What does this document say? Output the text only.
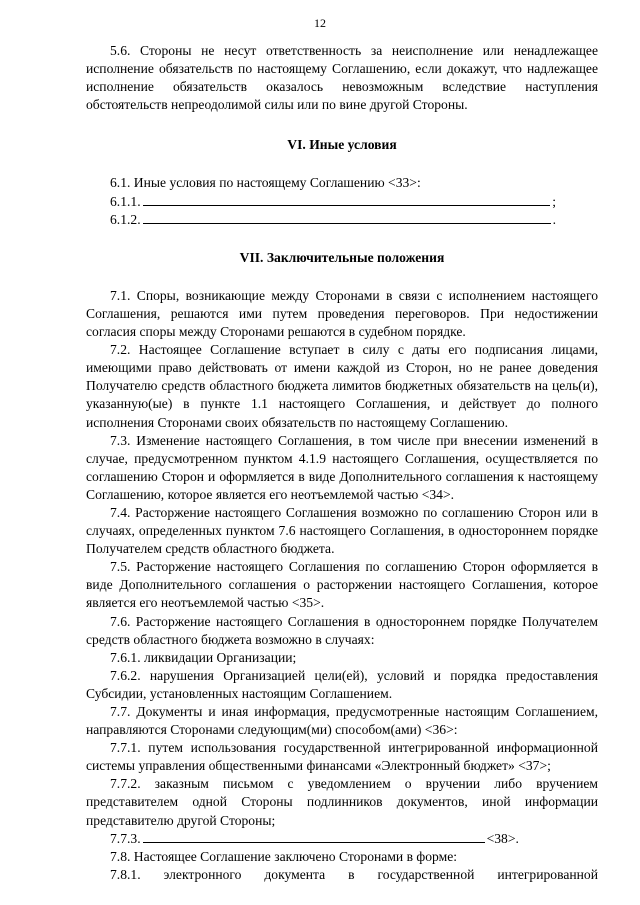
12

5.6. Стороны не несут ответственность за неисполнение или ненадлежащее исполнение обязательств по настоящему Соглашению, если докажут, что надлежащее исполнение обязательств оказалось невозможным вследствие наступления обстоятельств непреодолимой силы или по вине другой Стороны.

VI. Иные условия

6.1. Иные условия по настоящему Соглашению <33>:

6.1.1.	;
6.1.2.	.
VII. Заключительные положения

7.1. Споры, возникающие между Сторонами в связи с исполнением настоящего Соглашения, решаются ими путем проведения переговоров. При недостижении согласия споры между Сторонами решаются в судебном порядке.

7.2. Настоящее Соглашение вступает в силу с даты его подписания лицами, имеющими право действовать от имени каждой из Сторон, но не ранее доведения Получателю средств областного бюджета лимитов бюджетных обязательств на цель(и), указанную(ые) в пункте 1.1 настоящего Соглашения, и действует до полного исполнения Сторонами своих обязательств по настоящему Соглашению.

7.3. Изменение настоящего Соглашения, в том числе при внесении изменений в случае, предусмотренном пунктом 4.1.9 настоящего Соглашения, осуществляется по соглашению Сторон и оформляется в виде Дополнительного соглашения к настоящему Соглашению, которое является его неотъемлемой частью <34>.

7.4. Расторжение настоящего Соглашения возможно по соглашению Сторон или в случаях, определенных пунктом 7.6 настоящего Соглашения, в одностороннем порядке Получателем средств областного бюджета.

7.5. Расторжение настоящего Соглашения по соглашению Сторон оформляется в виде Дополнительного соглашения о расторжении настоящего Соглашения, которое является его неотъемлемой частью <35>.

7.6. Расторжение настоящего Соглашения в одностороннем порядке Получателем средств областного бюджета возможно в случаях:

7.6.1. ликвидации Организации;

7.6.2. нарушения Организацией цели(ей), условий и порядка предоставления Субсидии, установленных настоящим Соглашением.

7.7. Документы и иная информация, предусмотренные настоящим Соглашением, направляются Сторонами следующим(ми) способом(ами) <36>:

7.7.1. путем использования государственной интегрированной информационной системы управления общественными финансами «Электронный бюджет» <37>;

7.7.2. заказным письмом с уведомлением о вручении либо вручением представителем одной Стороны подлинников документов, иной информации представителю другой Стороны;

7.7.3.	<38>.

7.8. Настоящее Соглашение заключено Сторонами в форме:

7.8.1. электронного документа в государственной интегрированной
